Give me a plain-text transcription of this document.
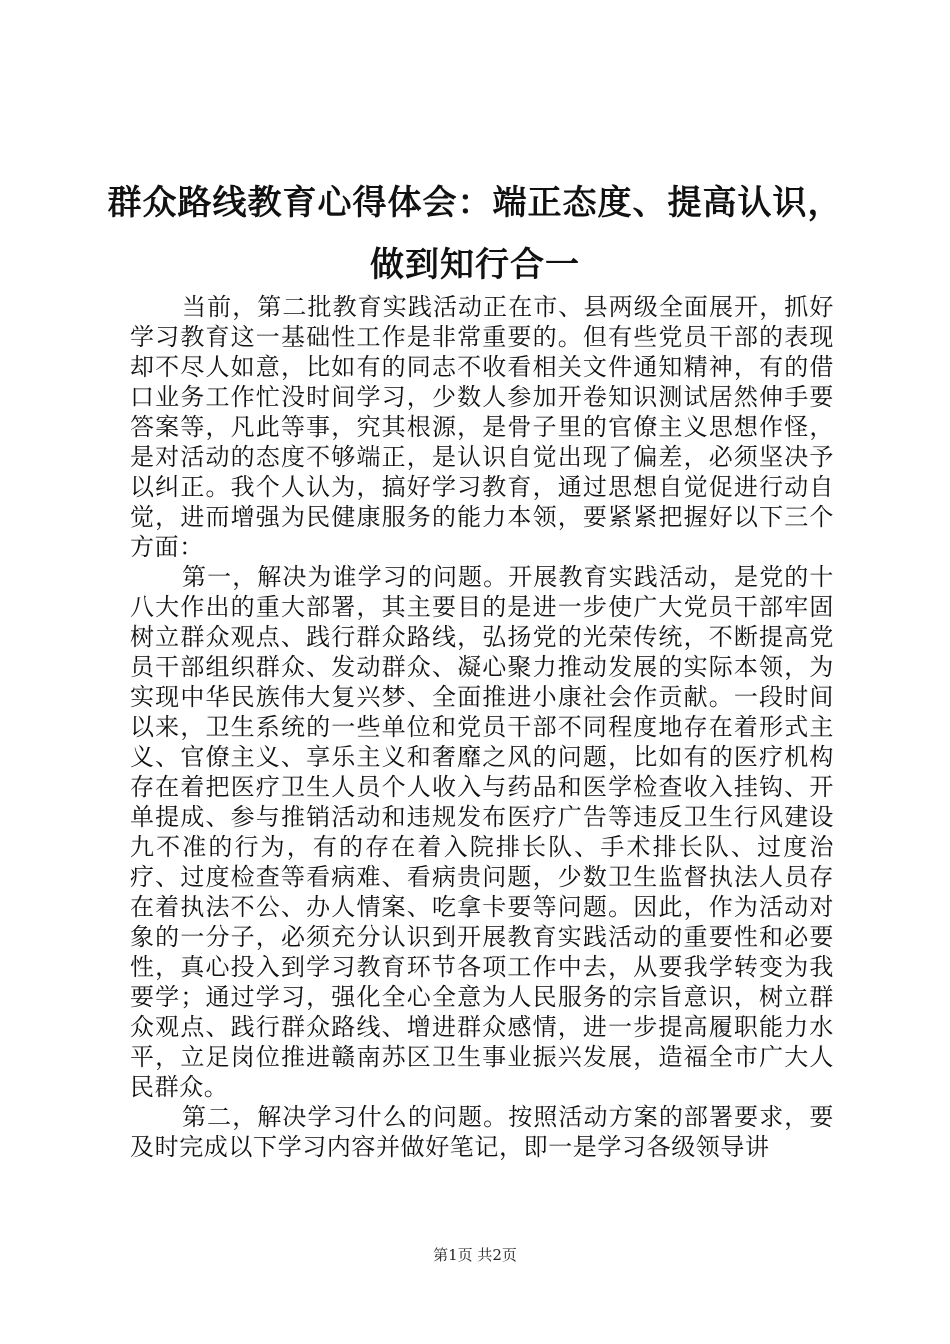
群众路线教育心得体会：端正态度、提高认识，
做到知行合一

当前，第二批教育实践活动正在市、县两级全面展开，抓好学习教育这一基础性工作是非常重要的。但有些党员干部的表现却不尽人如意，比如有的同志不收看相关文件通知精神，有的借口业务工作忙没时间学习，少数人参加开卷知识测试居然伸手要答案等，凡此等事，究其根源，是骨子里的官僚主义思想作怪，是对活动的态度不够端正，是认识自觉出现了偏差，必须坚决予以纠正。我个人认为，搞好学习教育，通过思想自觉促进行动自觉，进而增强为民健康服务的能力本领，要紧紧把握好以下三个方面：

第一，解决为谁学习的问题。开展教育实践活动，是党的十八大作出的重大部署，其主要目的是进一步使广大党员干部牢固树立群众观点、践行群众路线，弘扬党的光荣传统，不断提高党员干部组织群众、发动群众、凝心聚力推动发展的实际本领，为实现中华民族伟大复兴梦、全面推进小康社会作贡献。一段时间以来，卫生系统的一些单位和党员干部不同程度地存在着形式主义、官僚主义、享乐主义和奢靡之风的问题，比如有的医疗机构存在着把医疗卫生人员个人收入与药品和医学检查收入挂钩、开单提成、参与推销活动和违规发布医疗广告等违反卫生行风建设九不准的行为，有的存在着入院排长队、手术排长队、过度治疗、过度检查等看病难、看病贵问题，少数卫生监督执法人员存在着执法不公、办人情案、吃拿卡要等问题。因此，作为活动对象的一分子，必须充分认识到开展教育实践活动的重要性和必要性，真心投入到学习教育环节各项工作中去，从要我学转变为我要学；通过学习，强化全心全意为人民服务的宗旨意识，树立群众观点、践行群众路线、增进群众感情，进一步提高履职能力水平，立足岗位推进赣南苏区卫生事业振兴发展，造福全市广大人民群众。

第二，解决学习什么的问题。按照活动方案的部署要求，要及时完成以下学习内容并做好笔记，即一是学习各级领导讲

第1页 共2页
